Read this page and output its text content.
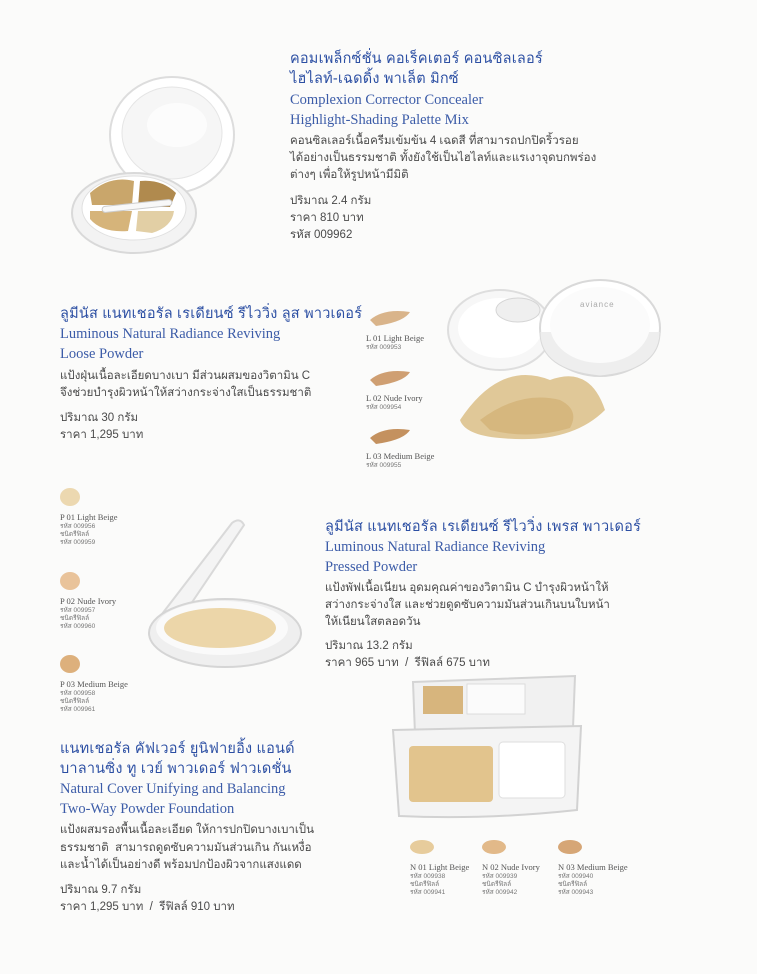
คอมเพล็กซ์ชั่น คอเร็คเตอร์ คอนซิลเลอร์
ไฮไลท์-เฉดดิ้ง พาเล็ต มิกซ์
Complexion Corrector Concealer
Highlight-Shading Palette Mix
คอนซิลเลอร์เนื้อครีมเข้มข้น 4 เฉดสี ที่สามารถปกปิดริ้วรอย
ได้อย่างเป็นธรรมชาติ ทั้งยังใช้เป็นไฮไลท์และแรเงาจุดบกพร่อง
ต่างๆ เพื่อให้รูปหน้ามีมิติ
ปริมาณ 2.4 กรัม
ราคา 810 บาท
รหัส 009962
ลูมีนัส แนทเชอรัล เรเดียนซ์ รีไววิ่ง ลูส พาวเดอร์
Luminous Natural Radiance Reviving
Loose Powder
แป้งฝุ่นเนื้อละเอียดบางเบา มีส่วนผสมของวิตามิน C
จึงช่วยบำรุงผิวหน้าให้สว่างกระจ่างใสเป็นธรรมชาติ
ปริมาณ 30 กรัม
ราคา 1,295 บาท
L 01 Light Beige
รหัส 009953
L 02 Nude Ivory
รหัส 009954
L 03 Medium Beige
รหัส 009955
aviance
P 01 Light Beige
รหัส 009956
ชนิดรีฟิลล์
รหัส 009959
P 02 Nude Ivory
รหัส 009957
ชนิดรีฟิลล์
รหัส 009960
P 03 Medium Beige
รหัส 009958
ชนิดรีฟิลล์
รหัส 009961
ลูมีนัส แนทเชอรัล เรเดียนซ์ รีไววิ่ง เพรส พาวเดอร์
Luminous Natural Radiance Reviving
Pressed Powder
แป้งพัฟเนื้อเนียน อุดมคุณค่าของวิตามิน C บำรุงผิวหน้าให้
สว่างกระจ่างใส และช่วยดูดซับความมันส่วนเกินบนใบหน้า
ให้เนียนใสตลอดวัน
ปริมาณ 13.2 กรัม
ราคา 965 บาท  /  รีฟิลล์ 675 บาท
แนทเชอรัล คัฟเวอร์ ยูนิฟายอิ้ง แอนด์
บาลานซิ่ง ทู เวย์ พาวเดอร์ ฟาวเดชั่น
Natural Cover Unifying and Balancing
Two-Way Powder Foundation
แป้งผสมรองพื้นเนื้อละเอียด ให้การปกปิดบางเบาเป็น
ธรรมชาติ  สามารถดูดซับความมันส่วนเกิน กันเหงื่อ
และน้ำได้เป็นอย่างดี พร้อมปกป้องผิวจากแสงแดด
ปริมาณ 9.7 กรัม
ราคา 1,295 บาท  /  รีฟิลล์ 910 บาท
N 01 Light Beige
รหัส 009938
ชนิดรีฟิลล์
รหัส 009941
N 02 Nude Ivory
รหัส 009939
ชนิดรีฟิลล์
รหัส 009942
N 03 Medium Beige
รหัส 009940
ชนิดรีฟิลล์
รหัส 009943
